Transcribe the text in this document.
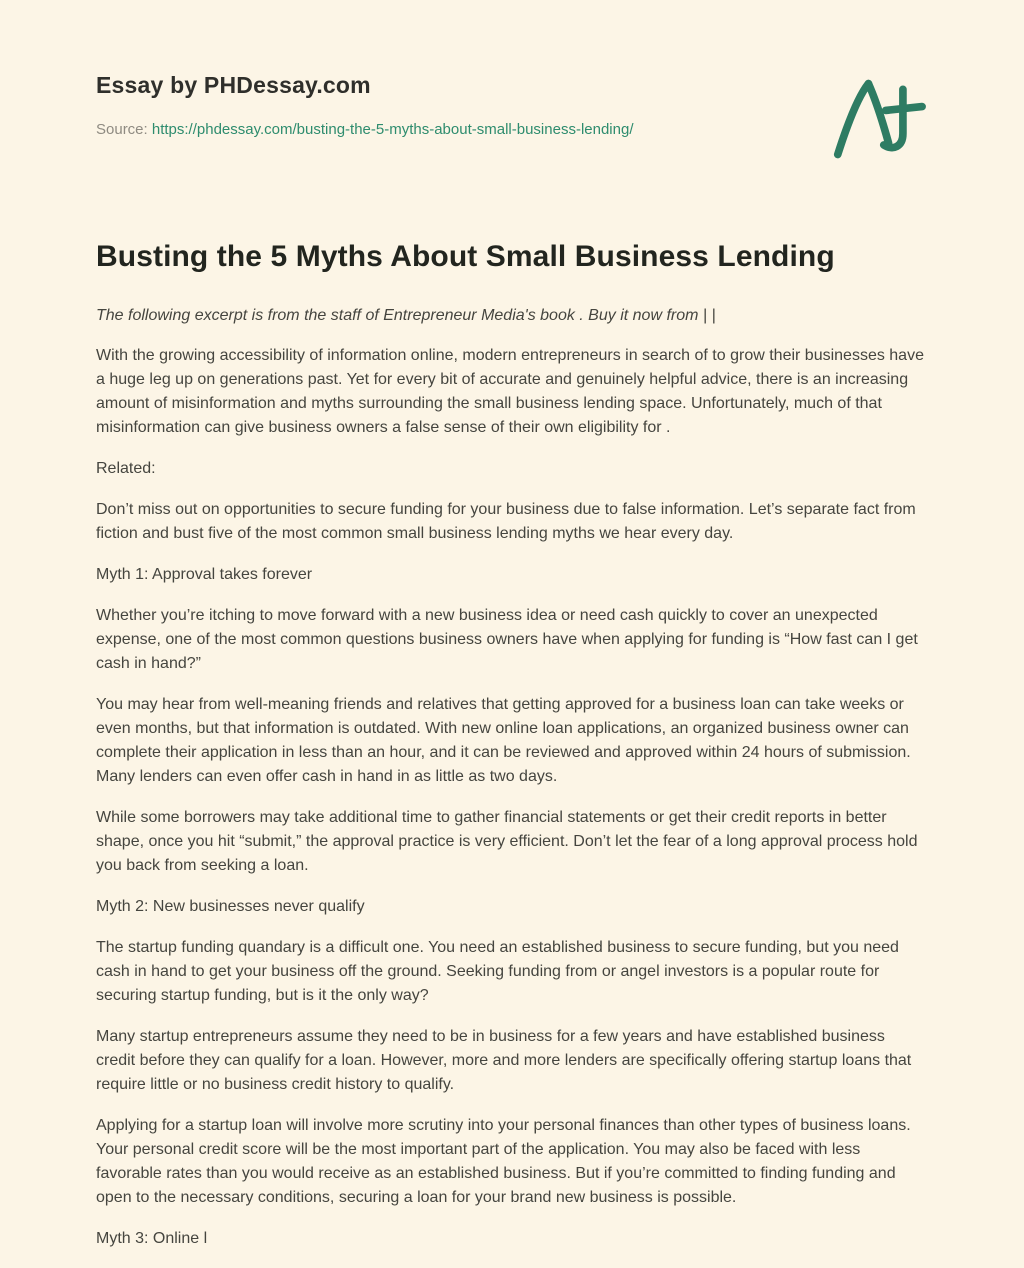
Essay by PHDessay.com

Source: https://phdessay.com/busting-the-5-myths-about-small-business-lending/

Busting the 5 Myths About Small Business Lending

The following excerpt is from the staff of Entrepreneur Media's book . Buy it now from | |

With the growing accessibility of information online, modern entrepreneurs in search of to grow their businesses have a huge leg up on generations past. Yet for every bit of accurate and genuinely helpful advice, there is an increasing amount of misinformation and myths surrounding the small business lending space. Unfortunately, much of that misinformation can give business owners a false sense of their own eligibility for .

Related:

Don’t miss out on opportunities to secure funding for your business due to false information. Let’s separate fact from fiction and bust five of the most common small business lending myths we hear every day.

Myth 1: Approval takes forever

Whether you’re itching to move forward with a new business idea or need cash quickly to cover an unexpected expense, one of the most common questions business owners have when applying for funding is “How fast can I get cash in hand?”

You may hear from well-meaning friends and relatives that getting approved for a business loan can take weeks or even months, but that information is outdated. With new online loan applications, an organized business owner can complete their application in less than an hour, and it can be reviewed and approved within 24 hours of submission. Many lenders can even offer cash in hand in as little as two days.

While some borrowers may take additional time to gather financial statements or get their credit reports in better shape, once you hit “submit,” the approval practice is very efficient. Don’t let the fear of a long approval process hold you back from seeking a loan.

Myth 2: New businesses never qualify

The startup funding quandary is a difficult one. You need an established business to secure funding, but you need cash in hand to get your business off the ground. Seeking funding from or angel investors is a popular route for securing startup funding, but is it the only way?

Many startup entrepreneurs assume they need to be in business for a few years and have established business credit before they can qualify for a loan. However, more and more lenders are specifically offering startup loans that require little or no business credit history to qualify.

Applying for a startup loan will involve more scrutiny into your personal finances than other types of business loans. Your personal credit score will be the most important part of the application. You may also be faced with less favorable rates than you would receive as an established business. But if you’re committed to finding funding and open to the necessary conditions, securing a loan for your brand new business is possible.

Myth 3: Online l
